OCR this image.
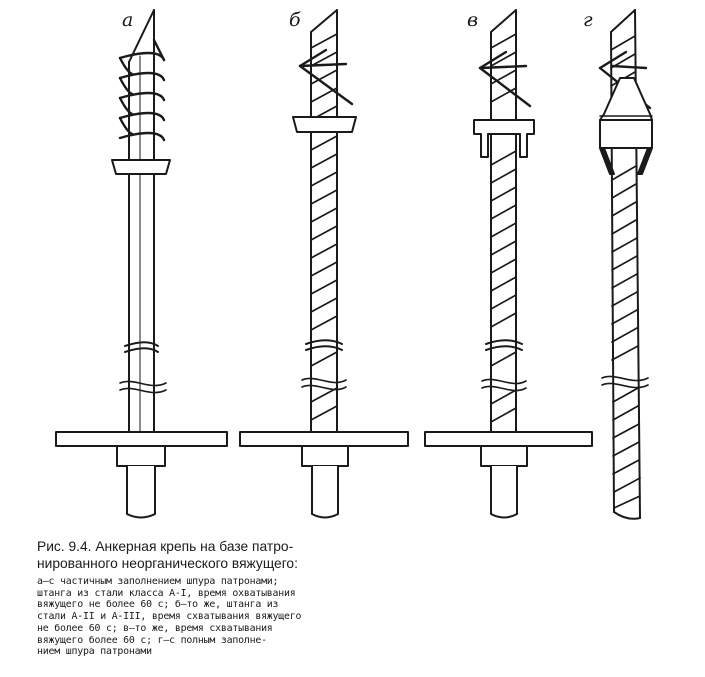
а	б	в	г
Рис. 9.4. Анкерная крепь на базе патро-
нированного неорганического вяжущего:
а—с частичным заполнением шпура патронами;
штанга из стали класса А-I, время охватывания
вяжущего не более 60 с; б—то же, штанга из
стали А-II и А-III, время схватывания вяжущего
не более 60 с; в—то же, время схватывания
вяжущего более 60 с; г—с полным заполне-
нием шпура патронами
